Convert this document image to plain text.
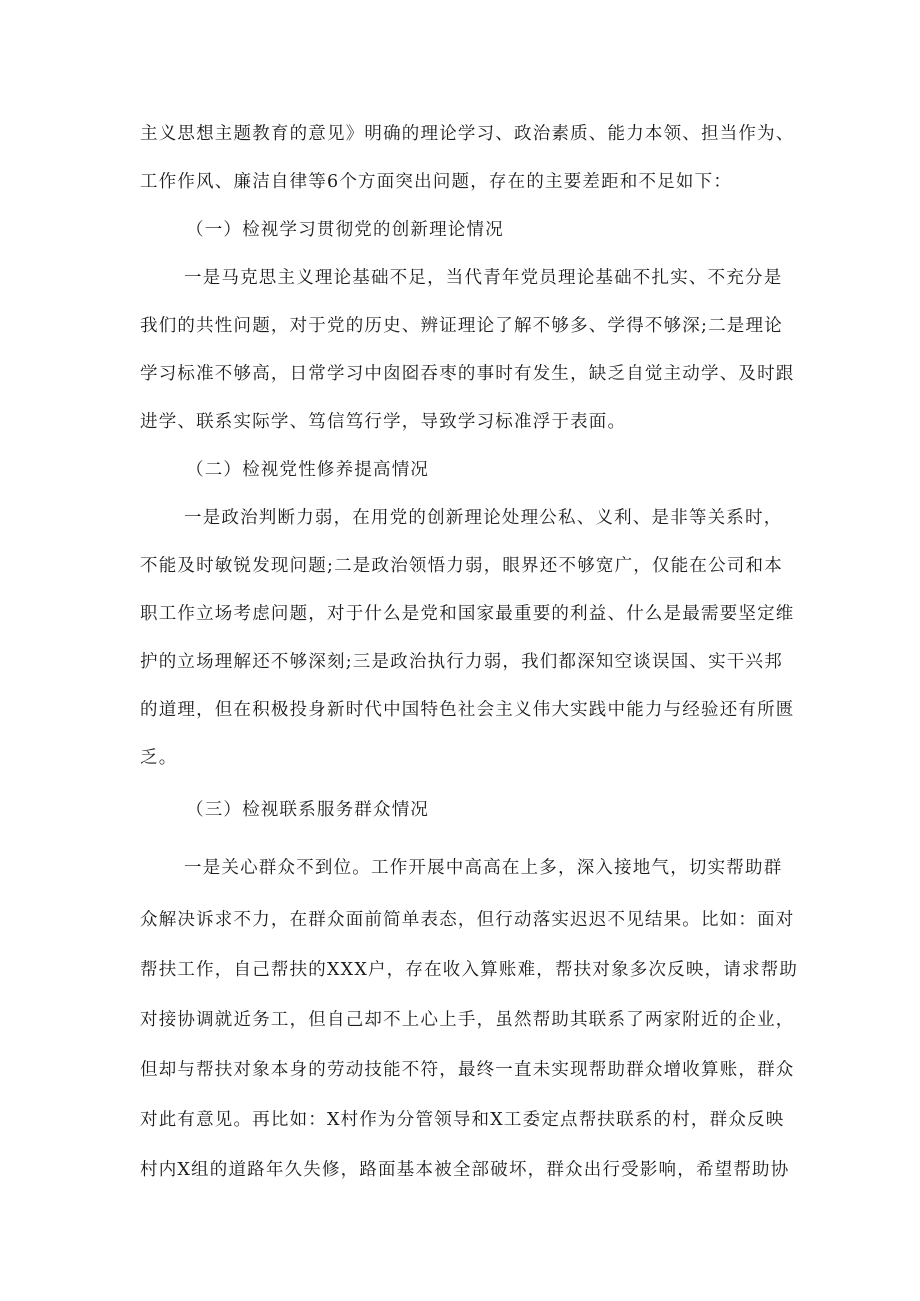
主义思想主题教育的意见》明确的理论学习、政治素质、能力本领、担当作为、
工作作风、廉洁自律等6个方面突出问题，存在的主要差距和不足如下：
（一）检视学习贯彻党的创新理论情况
一是马克思主义理论基础不足，当代青年党员理论基础不扎实、不充分是
我们的共性问题，对于党的历史、辨证理论了解不够多、学得不够深;二是理论
学习标准不够高，日常学习中囱囵吞枣的事时有发生，缺乏自觉主动学、及时跟
进学、联系实际学、笃信笃行学，导致学习标准浮于表面。
（二）检视党性修养提高情况
一是政治判断力弱，在用党的创新理论处理公私、义利、是非等关系时，
不能及时敏锐发现问题;二是政治领悟力弱，眼界还不够宽广，仅能在公司和本
职工作立场考虑问题，对于什么是党和国家最重要的利益、什么是最需要坚定维
护的立场理解还不够深刻;三是政治执行力弱，我们都深知空谈误国、实干兴邦
的道理，但在积极投身新时代中国特色社会主义伟大实践中能力与经验还有所匮
乏。
（三）检视联系服务群众情况
一是关心群众不到位。工作开展中高高在上多，深入接地气，切实帮助群
众解决诉求不力，在群众面前简单表态，但行动落实迟迟不见结果。比如：面对
帮扶工作，自己帮扶的XXX户，存在收入算账难，帮扶对象多次反映，请求帮助
对接协调就近务工，但自己却不上心上手，虽然帮助其联系了两家附近的企业，
但却与帮扶对象本身的劳动技能不符，最终一直未实现帮助群众增收算账，群众
对此有意见。再比如：X村作为分管领导和X工委定点帮扶联系的村，群众反映
村内X组的道路年久失修，路面基本被全部破坏，群众出行受影响，希望帮助协
